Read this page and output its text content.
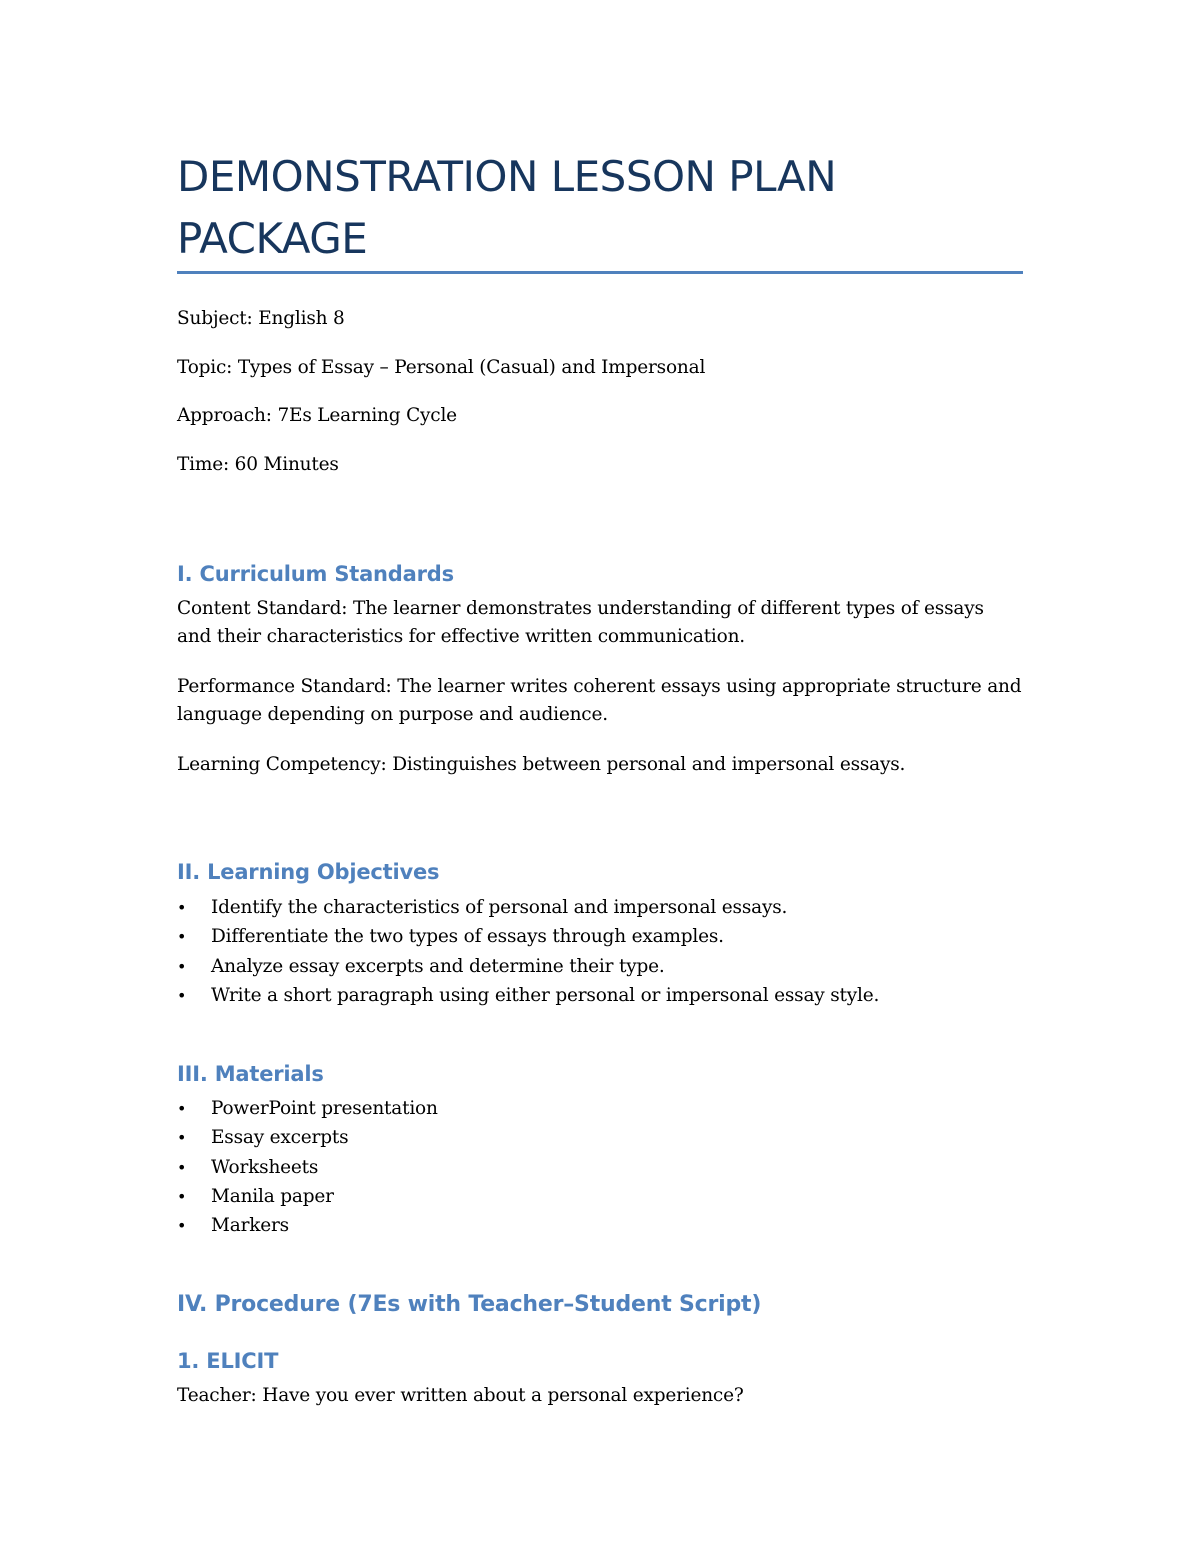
DEMONSTRATION LESSON PLAN PACKAGE

Subject: English 8

Topic: Types of Essay – Personal (Casual) and Impersonal

Approach: 7Es Learning Cycle

Time: 60 Minutes

I. Curriculum Standards

Content Standard: The learner demonstrates understanding of different types of essays and their characteristics for effective written communication.

Performance Standard: The learner writes coherent essays using appropriate structure and language depending on purpose and audience.

Learning Competency: Distinguishes between personal and impersonal essays.

II. Learning Objectives
• Identify the characteristics of personal and impersonal essays.
• Differentiate the two types of essays through examples.
• Analyze essay excerpts and determine their type.
• Write a short paragraph using either personal or impersonal essay style.
III. Materials
• PowerPoint presentation
• Essay excerpts
• Worksheets
• Manila paper
• Markers
IV. Procedure (7Es with Teacher–Student Script)
1. ELICIT

Teacher: Have you ever written about a personal experience?
